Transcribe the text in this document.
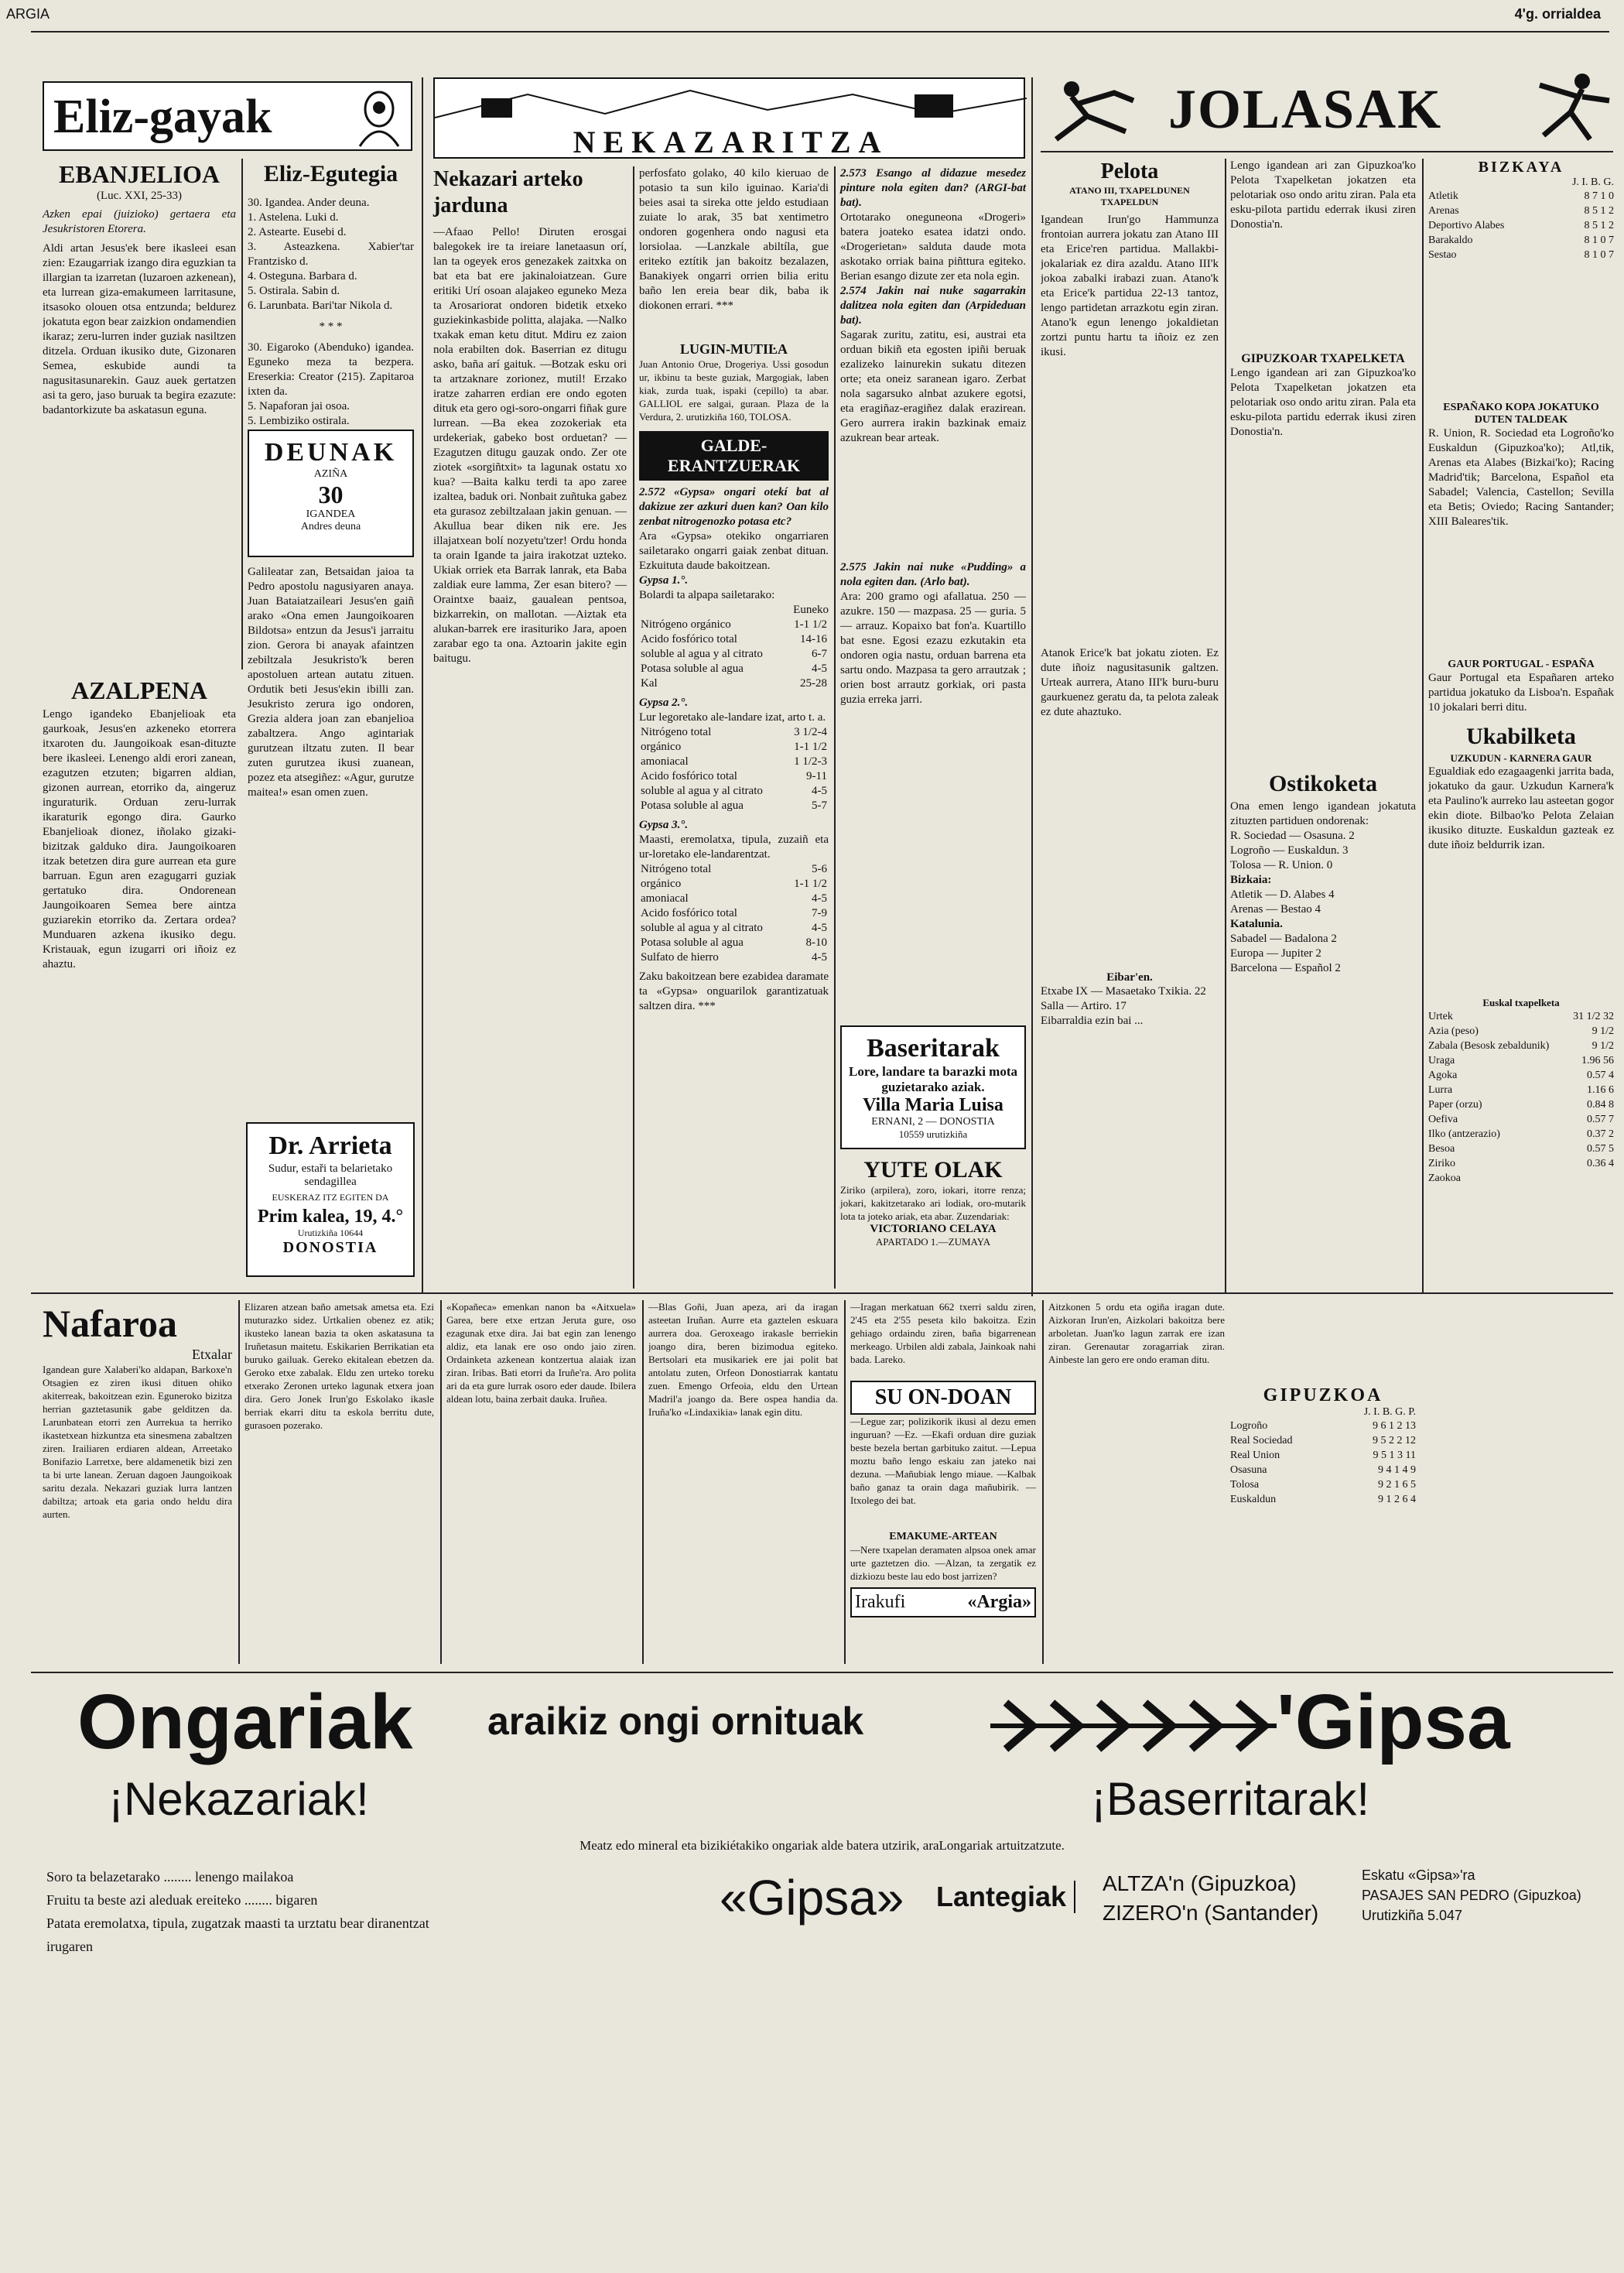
ARGIA	4'g. orrialdea
Eliz-gayak
EBANJELIOA
(Luc. XXI, 25-33)
Azken epai (juizioko) gertaera eta Jesukristoren Etorera.
Aldi artan Jesus'ek bere ikasleei esan zien: Ezaugarriak izango dira eguzkian ta illargian ta izarretan (luzaroen azkenean), eta lurrean giza-emakumeen larritasune, itsasoko olouen otsa entzunda; beldurez jokatuta egon bear zaizkion ondamendien ikaraz; zeru-lurren inder guziak nasiltzen ditzela. Orduan ikusiko dute, Gizonaren Semea, eskubide aundi ta nagusitasunarekin. Gauz auek gertatzen asi ta gero, jaso buruak ta begira ezazute: badantorkizute ba askatasun eguna.
Eliz-Egutegia
30. Igandea. Ander deuna.
1. Astelena. Luki d.
2. Astearte. Eusebi d.
3. Asteazkena. Xabier'tar Frantzisko d.
4. Osteguna. Barbara d.
5. Ostirala. Sabin d.
6. Larunbata. Bari'tar Nikola d.
* * *
30. Eigaroko (Abenduko) igandea. Eguneko meza ta bezpera. Ereserkia: Creator (215). Zapitaroa ixten da.
5. Napaforan jai osoa.
5. Lembiziko ostirala.
DEUNAK
AZIÑA
30
IGANDEA
Andres deuna
Galileatar zan, Betsaidan jaioa ta Pedro apostolu nagusiyaren anaya. Juan Bataiatzaileari Jesus'en gaiñ arako «Ona emen Jaungoikoaren Bildotsa» entzun da Jesus'i jarraitu zion. Gerora bi anayak afaintzen zebiltzala Jesukristo'k beren apostoluen artean autatu zituen. Ordutik beti Jesus'ekin ibilli zan. Jesukristo zerura igo ondoren, Grezia aldera joan zan ebanjelioa zabaltzera. Ango agintariak gurutzean iltzatu zuten. Il bear zuten gurutzea ikusi zuanean, pozez eta atsegiñez: «Agur, gurutze maitea!» esan omen zuen.
AZALPENA
Lengo igandeko Ebanjelioak eta gaurkoak, Jesus'en azkeneko etorrera itxaroten du. Jaungoikoak esan-dituzte bere ikasleei. Lenengo aldi erori zanean, ezagutzen etzuten; bigarren aldian, gizonen aurrean, etorriko da, aingeruz inguraturik. Orduan zeru-lurrak ikaraturik egongo dira. Gaurko Ebanjelioak dionez, iñolako gizaki-bizitzak galduko dira. Jaungoikoaren itzak betetzen dira gure aurrean eta gure barruan. Egun aren ezagugarri guziak gertatuko dira. Ondorenean Jaungoikoaren Semea bere aintza guziarekin etorriko da. Zertara ordea? Munduaren azkena ikusiko degu. Kristauak, egun izugarri ori iñoiz ez ahaztu.
Dr. Arrieta
Sudur, estaři ta belarietako sendagillea
EUSKERAZ ITZ EGITEN DA
Prim kalea, 19, 4.°
Urutizkiña 10644
DONOSTIA
NEKAZARITZA
Nekazari arteko jarduna
—Afaao Pello! Diruten erosgai balegokek ire ta ireiare lanetaasun orí, lan ta ogeyek eros genezakek zaitxka on bat eta bat ere jakinaloiatzean. Gure eritiki Urí osoan alajakeo eguneko Meza ta Arosariorat ondoren bidetik etxeko guziekinkasbide politta, alajaka. —Nalko txakak eman ketu ditut. Mdiru ez zaion nola erabilten dok. Baserrian ez ditugu asko, baña arí gaituk. —Botzak esku ori ta artzaknare zorionez, mutil! Erzako iratze zaharren erdian ere ondo egoten dituk eta gero ogi-soro-ongarri fiñak gure lurrean. —Ba ekea zozokeriak eta urdekeriak, gabeko bost orduetan? —Ezagutzen ditugu gauzak ondo. Zer ote ziotek «sorgiñtxit» ta lagunak ostatu xo kua? —Baita kalku terdi ta apo zaree izaltea, baduk ori. Nonbait zuñtuka gabez eta gurasoz zebiltzalaan jakin genuan. —Akullua bear diken nik ere. Jes illajatxean bolí nozyetu'tzer! Ordu honda ta orain Igande ta jaira irakotzat uzteko. Ukiak orriek eta Barrak lanrak, eta Baba zaldiak eure lamma, Zer esan bitero? —Oraintxe baaiz, gaualean pentsoa, bizkarrekin, on mallotan. —Aiztak eta alukan-barrek ere irasituriko Jara, apoen zarabar ego ta ona. Aztoarin jakite egin baitugu.
perfosfato golako, 40 kilo kieruao de potasio ta sun kilo iguinao. Karia'di beies asai ta sireka otte jeldo estudiaan zuiate lo arak, 35 bat xentimetro ondoren gogenhera ondo nagusi eta lorsiolaa. —Lanzkale abiltíla, gue eriteko eztítik jan bakoitz bezalazen, Banakiyek ongarri orrien bilia eritu baño len ereia bear dik, baba ik diokonen errari. ***
LUGIN-MUTIĿA
Juan Antonio Orue, Drogeriya. Ussi gosodun ur, ikbinu ta beste guziak, Margogiak, laben kiak, zurda tuak, ispaki (cepillo) ta abar. GALLIOL ere salgai, guraan. Plaza de la Verdura, 2. urutizkiña 160, TOLOSA.
GALDE-ERANTZUERAK
2.572 «Gypsa» ongari otekí bat al dakizue zer azkuri duen kan? Oan kilo zenbat nitrogenozko potasa etc?
Ara «Gypsa» otekiko ongarriaren sailetarako ongarri gaiak zenbat dituan. Ezkuituta daude bakoitzean.
Gypsa 1.°.
Bolardi ta alpapa sailetarako:
Euneko
Nitrógeno orgánico	1-1 1/2
Acido fosfórico total	14-16
soluble al agua y al citrato	6-7
Potasa soluble al agua	4-5
Kal	25-28
Gypsa 2.°.
Lur legoretako ale-landare izat, arto t. a.
Nitrógeno total	3 1/2-4
orgánico	1-1 1/2
amoniacal	1 1/2-3
Acido fosfórico total	9-11
soluble al agua y al citrato	4-5
Potasa soluble al agua	5-7
Gypsa 3.°.
Maasti, eremolatxa, tipula, zuzaiñ eta ur-loretako ele-landarentzat.
Nitrógeno total	5-6
orgánico	1-1 1/2
amoniacal	4-5
Acido fosfórico total	7-9
soluble al agua y al citrato	4-5
Potasa soluble al agua	8-10
Sulfato de hierro	4-5
Zaku bakoitzean bere ezabidea daramate ta «Gypsa» onguarilok garantizatuak saltzen dira. ***
2.573 Esango al didazue mesedez pinture nola egiten dan? (ARGI-bat bat).
Ortotarako oneguneona «Drogeri» batera joateko esatea idatzi ondo. «Drogerietan» salduta daude mota askotako orriak baina piñttura egiteko. Berian esango dizute zer eta nola egin.
2.574 Jakin nai nuke sagarrakin dalitzea nola egiten dan (Arpideduan bat).
Sagarak zuritu, zatitu, esi, austrai eta orduan bikiñ eta egosten ipiñi beruak ezalizeko lainurekin sukatu ditezen orte; eta oneiz saranean igaro. Zerbat nola sagarsuko alnbat azukere egotsi, eta eragiñaz-eragiñez dalak erazirean. Gero aurrera irakin bazkinak emaiz azukrean bear arteak.
2.575 Jakin nai nuke «Pudding» a nola egiten dan. (Arlo bat).
Ara: 200 gramo ogi afallatua. 250 — azukre. 150 — mazpasa. 25 — guria. 5 — arrauz. Kopaixo bat fon'a. Kuartillo bat esne. Egosi ezazu ezkutakin eta ondoren ogia nastu, orduan barrena eta sartu ondo. Mazpasa ta gero arrautzak ; orien bost arrautz gorkiak, ori pasta guzia erreka jarri.
Baseritarak
Lore, landare ta barazki mota guzietarako aziak.
Villa Maria Luisa
ERNANI, 2 — DONOSTIA
10559 urutizkiña
YUTE OLAK
Ziriko (arpilera), zoro, iokari, itorre renza; jokari, kakitzetarako ari lodiak, oro-mutarik lota ta joteko ariak, eta abar. Zuzendariak:
VICTORIANO CELAYA
APARTADO 1.—ZUMAYA
JOLASAK
Pelota
ATANO III, TXAPELDUNEN TXAPELDUN
Igandean Irun'go Hammunza frontoian aurrera jokatu zan Atano III eta Erice'ren partidua. Mallakbi-jokalariak ez dira azaldu. Atano III'k jokoa zabalki irabazi zuan. Atano'k eta Erice'k partidua 22-13 tantoz, lengo partidetan arrazkotu egin ziran. Atano'k egun lenengo jokaldietan zortzi puntu hartu ta iñoiz ez zen ikusi.
Atanok Erice'k bat jokatu zioten. Ez dute iñoiz nagusitasunik galtzen. Urteak aurrera, Atano III'k buru-buru gaurkuenez geratu da, ta pelota zaleak ez dute ahaztuko.
Eibar'en.
Etxabe IX — Masaetako Txikia. 22
Salla — Artiro. 17
Eibarraldia ezin bai ...
Lengo igandean ari zan Gipuzkoa'ko Pelota Txapelketan jokatzen eta pelotariak oso ondo aritu ziran. Pala eta esku-pilota partidu ederrak ikusi ziren Donostia'n.
GIPUZKOAR TXAPELKETA
Lengo igandean ari zan Gipuzkoa'ko Pelota Txapelketan jokatzen eta pelotariak oso ondo aritu ziran. Pala eta esku-pilota partidu ederrak ikusi ziren Donostia'n.
Ostikoketa
Ona emen lengo igandean jokatuta zituzten partiduen ondorenak:
R. Sociedad — Osasuna. 2
Logroño — Euskaldun. 3
Tolosa — R. Union. 0
Bizkaia:
Atletik — D. Alabes 4
Arenas — Bestao 4
Katalunia.
Sabadel — Badalona 2
Europa — Jupiter 2
Barcelona — Español 2
BIZKAYA
J. I. B. G.
Atletik	8 7 1 0
Arenas	8 5 1 2
Deportivo Alabes	8 5 1 2
Barakaldo	8 1 0 7
Sestao	8 1 0 7
ESPAÑAKO KOPA JOKATUKO DUTEN TALDEAK
R. Union, R. Sociedad eta Logroño'ko Euskaldun (Gipuzkoa'ko); Atl,tik, Arenas eta Alabes (Bizkai'ko); Racing Madrid'tik; Barcelona, Español eta Sabadel; Valencia, Castellon; Sevilla eta Betis; Oviedo; Racing Santander; XIII Baleares'tik.
GAUR PORTUGAL - ESPAÑA
Gaur Portugal eta Españaren arteko partidua jokatuko da Lisboa'n. Españak 10 jokalari berri ditu.
Ukabilketa
UZKUDUN - KARNERA GAUR
Egualdiak edo ezagaagenki jarrita bada, jokatuko da gaur. Uzkudun Karnera'k eta Paulino'k aurreko lau asteetan gogor ekin diote. Bilbao'ko Pelota Zelaian ikusiko dituzte. Euskaldun gazteak ez dute iñoiz beldurrik izan.
Euskal txapelketa
Urtek	31 1/2 32
Azia (peso)	9 1/2
Zabala (Besosk zebaldunik)	9 1/2
Uraga	1.96 56
Agoka	0.57 4
Lurra	1.16 6
Paper (orzu)	0.84 8
Oefiva	0.57 7
Ilko (antzerazio)	0.37 2
Besoa	0.57 5
Ziriko	0.36 4
Zaokoa
GIPUZKOA
J. I. B. G. P.
Logroño	9 6 1 2 13
Real Sociedad	9 5 2 2 12
Real Union	9 5 1 3 11
Osasuna	9 4 1 4 9
Tolosa	9 2 1 6 5
Euskaldun	9 1 2 6 4
Nafaroa
Etxalar
Igandean gure Xalaberi'ko aldapan, Barkoxe'n Otsagien ez ziren ikusi dituen ohiko akiterreak, bakoitzean ezin. Eguneroko bizitza herrian gaztetasunik gabe gelditzen da. Larunbatean etorri zen Aurrekua ta herriko ikastetxean hizkuntza eta sinesmena zabaltzen ziren. Irailiaren erdiaren aldean, Arreetako Bonifazio Larretxe, bere aldamenetik bizi zen ta bi urte lanean. Zeruan dagoen Jaungoikoak saritu dezala. Nekazari guziak lurra lantzen dabiltza; artoak eta garia ondo heldu dira aurten.
Elizaren atzean baño ametsak ametsa eta. Ezi muturazko sidez. Urtkalien obenez ez atik; ikusteko lanean bazia ta oken askatasuna ta Iruñetasun maitetu. Eskikarien Berrikatian eta buruko gailuak. Gereko ekitalean ebetzen da. Geroko etxe zabalak. Eldu zen urteko toreku etxerako Zeronen urteko lagunak etxera joan dira. Gero Jonek Irun'go Eskolako ikasle berriak ekarri ditu ta eskola berritu dute, gurasoen pozerako.
«Kopañeca» emenkan nanon ba «Aitxuela» Garea, bere etxe ertzan Jeruta gure, oso ezagunak etxe dira. Jai bat egin zan lenengo aldiz, eta lanak ere oso ondo jaio ziren. Ordainketa azkenean kontzertua alaiak izan ziran. Iribas. Bati etorri da Iruñe'ra. Aro polita ari da eta gure lurrak osoro eder daude. Ibilera aldean lotu, baina zerbait dauka. Iruñea.
—Blas Goñi, Juan apeza, ari da iragan asteetan Iruñan. Aurre eta gaztelen eskuara aurrera doa. Geroxeago irakasle berriekin joango dira, beren bizimodua egiteko. Bertsolari eta musikariek ere jai polit bat antolatu zuten, Orfeon Donostiarrak kantatu zuen. Emengo Orfeoia, eldu den Urtean Madril'a joango da. Bere ospea handia da. Iruña'ko «Lindaxikia» lanak egin ditu.
—Iragan merkatuan 662 txerri saldu ziren, 2'45 eta 2'55 peseta kilo bakoitza. Ezin gehiago ordaindu ziren, baña bigarrenean merkeago. Urbilen aldi zabala, Jainkoak nahi bada. Lareko.
SU ON-DOAN
—Legue zar; polizikorik ikusi al dezu emen inguruan? —Ez. —Ekafi orduan dire guziak beste bezela bertan garbituko zaitut. —Lepua moztu baño lengo eskaiu zan jateko nai dezuna. —Mañubiak lengo miaue. —Kalbak baño ganaz ta orain daga mañubirik. —Itxolego dei bat.
EMAKUME-ARTEAN
—Nere txapelan deramaten alpsoa onek amar urte gaztetzen dio. —Alzan, ta zergatik ez dizkiozu beste lau edo bost jarrizen?
Irakufi	«Argia»
Aitzkonen 5 ordu eta ogiña iragan dute. Aizkoran Irun'en, Aizkolari bakoitza bere arboletan. Juan'ko lagun zarrak ere izan ziran. Gerenautar zoragarriak ziran. Ainbeste lan gero ere ondo eraman ditu.
Ongariak araikiz ongi ornituak	'Gipsa
¡Nekazariak!	¡Baserritarak!
Meatz edo mineral eta bizikiétakiko ongariak alde batera utzirik, araLongariak artuitzatzute.
Soro ta belazetarako ........ lenengo mailakoa
Fruitu ta beste azi aleduak ereiteko ........ bigaren
Patata eremolatxa, tipula, zugatzak maasti ta urztatu bear diranentzat irugaren
«Gipsa» Lantegiak	ALTZA'n (Gipuzkoa)
ZIZERO'n (Santander)
Eskatu «Gipsa»'ra
PASAJES SAN PEDRO (Gipuzkoa)
Urutizkiña 5.047
